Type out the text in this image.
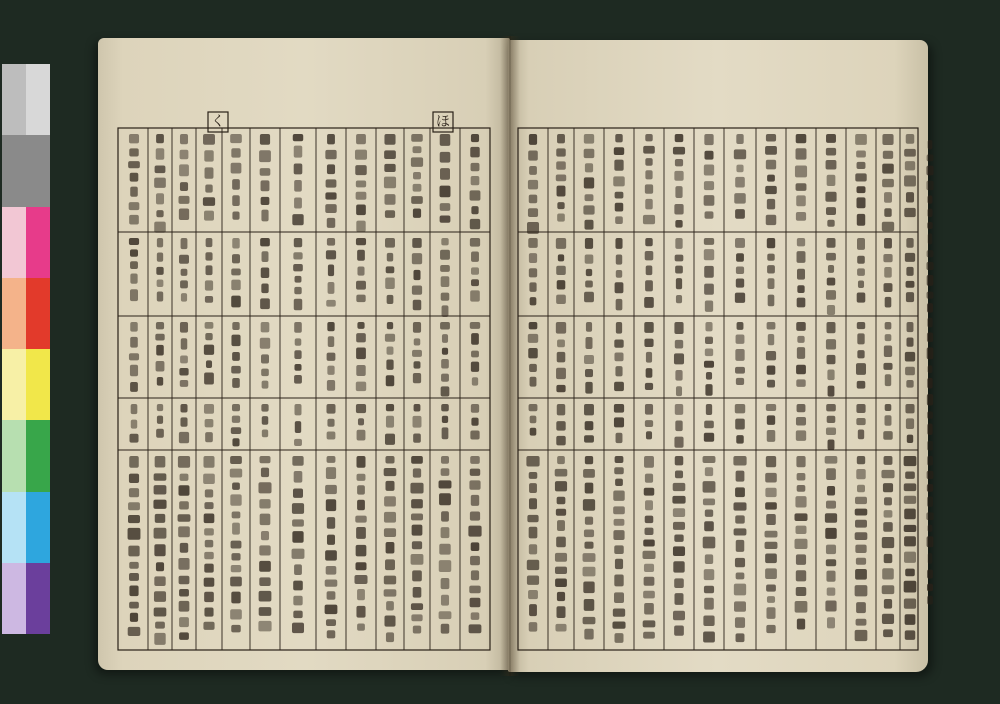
く	ほ
